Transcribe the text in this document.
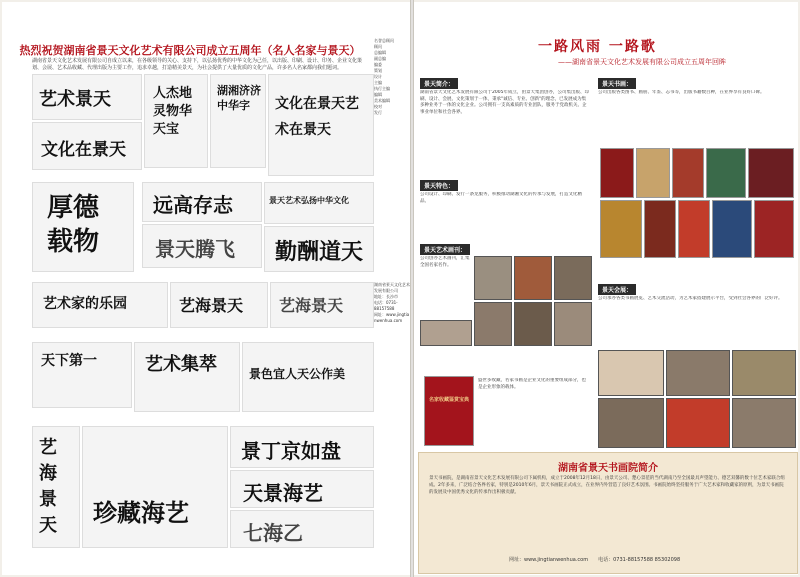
热烈祝贺湖南省景天文化艺术有限公司成立五周年（名人名家与景天）
湖南省景天文化艺术发展有限公司自成立以来，在各级领导的关心、支持下，以弘扬优秀的中华文化为己任，以出版、印刷、设计、印务、企业文化策划、会展、艺术品收藏、代理出版为主要工作，追求卓越，打造精美景天，为社会提供了大量优质的文化产品，许多名人名家都向我们题词。
艺术景天	人杰地灵物华天宝
湖湘济济中华字	文化在景天艺术在景天
文化在景天
厚德载物
远高存志	景天艺术弘扬中华文化
景天腾飞 勤酬道天
艺术家的乐园	艺海景天 艺海景天
天下第一	艺术集萃	景色宜人天公作美
艺海景天	珍藏海艺
景丁京如盘
天景海艺
七海乙
名誉总顾问
顾问
总编辑
副总编
编委
策划
设计
主编
执行主编
编辑
美术编辑
校对
发行
湖南省景天文化艺术发展有限公司
地址：长沙市
电话：0731-88157588
网址：www.jingtianwenhua.com
一路风雨 一路歌
——湖南省景天文化艺术发展有限公司成立五周年回眸
景天简介：
湖南省景天文化艺术发展有限公司于2005年成立，由景天集团创办，公司集出版、印刷、设计、会展、文化策划于一体，秉承"诚信、专业、创新"的理念，已发展成为集多种业务于一体的文化企业。公司拥有一支高素质的专业团队，服务于党政机关、企事业单位和社会各界。
景天书画：
公司出版各类图书、画册、年鉴、志书等，出版书籍数百种，在业界享有良好口碑。
景天特色：
公司设计、印刷、发行一条龙服务，积极推动湖湘文化的传承与发展，打造文化精品。
景天艺术画刊：
公司创办艺术画刊，汇集全国名家名作。
名家收藏鉴赏宝典
盛世多收藏，名家书画是企业文化的重要组成部分，也是企业形象的载体。
景天会展：
公司承办各类书画展览、艺术交流活动，为艺术家搭建展示平台，受到社会各界的广泛好评。
湖南省景天书画院简介
景天书画院，是湖南省景天文化艺术发展有限公司下属机构，成立于2008年12月18日，由景天公司、楚心景范的当代湖南乃至全国最具声望能力、德艺双馨的数十位艺术家联合组成。2年多来，广泛结合各界名家，特别是2010年6月，景天书画院正式成立，在业界内外营造了良好艺术氛围。书画院始终坚持服务于广大艺术家和收藏家的原则，为景天书画院的发展及中国优秀文化的传承作出积极贡献。
网址：www.jingtianwenhua.com　　电话：0731-88157588 85302098
